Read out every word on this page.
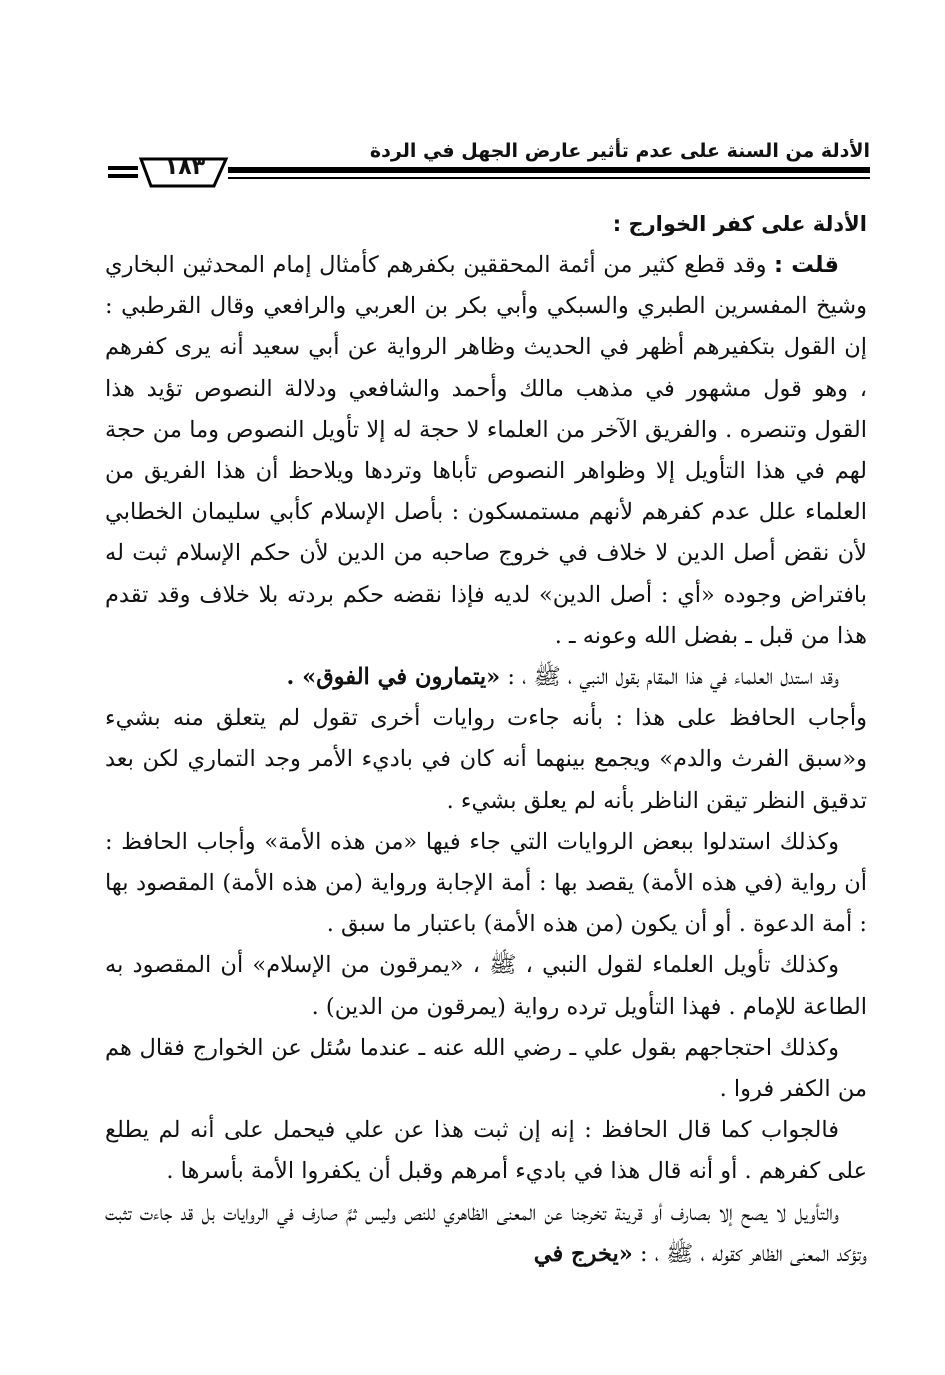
الأدلة من السنة على عدم تأثير عارض الجهل في الردة
١٨٣

الأدلة على كفر الخوارج :

قلت : وقد قطع كثير من أئمة المحققين بكفرهم كأمثال إمام المحدثين البخاري وشيخ المفسرين الطبري والسبكي وأبي بكر بن العربي والرافعي وقال القرطبي : إن القول بتكفيرهم أظهر في الحديث وظاهر الرواية عن أبي سعيد أنه يرى كفرهم ، وهو قول مشهور في مذهب مالك وأحمد والشافعي ودلالة النصوص تؤيد هذا القول وتنصره . والفريق الآخر من العلماء لا حجة له إلا تأويل النصوص وما من حجة لهم في هذا التأويل إلا وظواهر النصوص تأباها وتردها ويلاحظ أن هذا الفريق من العلماء علل عدم كفرهم لأنهم مستمسكون : بأصل الإسلام كأبي سليمان الخطابي لأن نقض أصل الدين لا خلاف في خروج صاحبه من الدين لأن حكم الإسلام ثبت له بافتراض وجوده «أي : أصل الدين» لديه فإذا نقضه حكم بردته بلا خلاف وقد تقدم هذا من قبل ـ بفضل الله وعونه ـ .

وقد استدل العلماء في هذا المقام بقول النبي ، ﷺ ، : «يتمارون في الفوق» .

وأجاب الحافظ على هذا : بأنه جاءت روايات أخرى تقول لم يتعلق منه بشيء و«سبق الفرث والدم» ويجمع بينهما أنه كان في باديء الأمر وجد التماري لكن بعد تدقيق النظر تيقن الناظر بأنه لم يعلق بشيء .

وكذلك استدلوا ببعض الروايات التي جاء فيها «من هذه الأمة» وأجاب الحافظ : أن رواية (في هذه الأمة) يقصد بها : أمة الإجابة ورواية (من هذه الأمة) المقصود بها : أمة الدعوة . أو أن يكون (من هذه الأمة) باعتبار ما سبق .

وكذلك تأويل العلماء لقول النبي ، ﷺ ، «يمرقون من الإسلام» أن المقصود به الطاعة للإمام . فهذا التأويل ترده رواية (يمرقون من الدين) .

وكذلك احتجاجهم بقول علي ـ رضي الله عنه ـ عندما سُئل عن الخوارج فقال هم من الكفر فروا .

فالجواب كما قال الحافظ : إنه إن ثبت هذا عن علي فيحمل على أنه لم يطلع على كفرهم . أو أنه قال هذا في باديء أمرهم وقبل أن يكفروا الأمة بأسرها .

والتأويل لا يصح إلا بصارف أو قرينة تخرجنا عن المعنى الظاهري للنص وليس ثمَّ صارف في الروايات بل قد جاءت تثبت وتؤكد المعنى الظاهر كقوله ، ﷺ ، : «يخرج في
